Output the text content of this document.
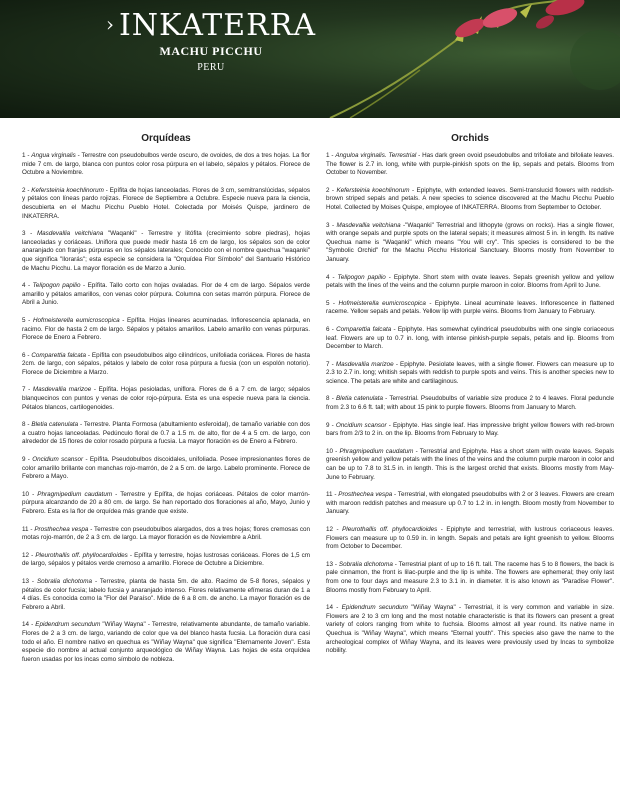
› INKATERRA
MACHU PICCHU
PERU
Orquídeas

1 - Angua virginalis - Terrestre con pseudobulbos verde oscuro, de ovoides, de dos a tres hojas. La flor mide 7 cm. de largo, blanca con puntos color rosa púrpura en el labelo, sépalos y pétalos. Florece de Octubre a Noviembre.

2 - Kefersteinia koechlinorum - Epífita de hojas lanceoladas. Flores de 3 cm, semitranslúcidas, sépalos y pétalos con líneas pardo rojizas. Florece de Septiembre a Octubre. Especie nueva para la ciencia, descubierta en el Machu Picchu Pueblo Hotel. Colectada por Moisés Quispe, jardinero de INKATERRA.

3 - Masdevallia veitchiana "Waqanki" - Terrestre y litófita (crecimiento sobre piedras), hojas lanceoladas y coriáceas. Uniflora que puede medir hasta 16 cm de largo, los sépalos son de color anaranjado con franjas púrpuras en los sépalos laterales; Conocido con el nombre quechua "waqanki" que significa "llorarás"; esta especie se considera la "Orquídea Flor Símbolo" del Santuario Histórico de Machu Picchu. La mayor floración es de Marzo a Junio.

4 - Telipogon papilio - Epífita. Tallo corto con hojas ovaladas. Flor de 4 cm de largo. Sépalos verde amarillo y pétalos amarillos, con venas color púrpura. Columna con setas marrón púrpura. Florece de Abril a Junio.

5 - Hofmeisterella eumicroscopica - Epífita. Hojas lineares acuminadas. Inflorescencia aplanada, en racimo. Flor de hasta 2 cm de largo. Sépalos y pétalos amarillos. Labelo amarillo con venas púrpuras. Florece de Enero a Febrero.

6 - Comparettia falcata - Epífita con pseudobulbos algo cilíndricos, unifoliada coriácea. Flores de hasta 2cm. de largo, con sépalos, pétalos y labelo de color rosa púrpura a fucsia (con un espolón notorio). Florece de Diciembre a Marzo.

7 - Masdevallia marizoe - Epífita. Hojas pesioladas, uniflora. Flores de 6 a 7 cm. de largo; sépalos blanquecinos con puntos y venas de color rojo-púrpura. Esta es una especie nueva para la ciencia. Pétalos blancos, cartilogenoides.

8 - Bletia catenulata - Terrestre. Planta Formosa (abultamiento esferoidal), de tamaño variable con dos a cuatro hojas lanceoladas. Pedúnculo floral de 0.7 a 1.5 m. de alto, flor de 4 a 5 cm. de largo, con alrededor de 15 flores de color rosado púrpura a fucsia. La mayor floración es de Enero a Febrero.

9 - Oncidium scansor - Epífita. Pseudobulbos discoidales, unifoliada. Posee impresionantes flores de color amarillo brillante con manchas rojo-marrón, de 2 a 5 cm. de largo. Labelo prominente. Florece de Febrero a Mayo.

10 - Phragmipedium caudatum - Terrestre y Epífita, de hojas coriáceas. Pétalos de color marrón-púrpura alcanzando de 20 a 80 cm. de largo. Se han reportado dos floraciones al año, Mayo, Junio y Febrero. Esta es la flor de orquídea más grande que existe.

11 - Prosthechea vespa - Terrestre con pseudobulbos alargados, dos a tres hojas; flores cremosas con motas rojo-marrón, de 2 a 3 cm. de largo. La mayor floración es de Noviembre a Abril.

12 - Pleurothallis off. phyllocardioides - Epífita y terrestre, hojas lustrosas coriáceas. Flores de 1,5 cm de largo, sépalos y pétalos verde cremoso a amarillo. Florece de Octubre a Diciembre.

13 - Sobralia dichotoma - Terrestre, planta de hasta 5m. de alto. Racimo de 5-8 flores, sépalos y pétalos de color fucsia; labelo fucsia y anaranjado intenso. Flores relativamente efímeras duran de 1 a 4 días. Es conocida como la "Flor del Paraíso". Mide de 6 a 8 cm. de ancho. La mayor floración es de Febrero a Abril.

14 - Epidendrum secundum "Wiñay Wayna" - Terrestre, relativamente abundante, de tamaño variable. Flores de 2 a 3 cm. de largo, variando de color que va del blanco hasta fucsia. La floración dura casi todo el año. El nombre nativo en quechua es "Wiñay Wayna" que significa "Eternamente Joven". Esta especie dio nombre al actual conjunto arqueológico de Wiñay Wayna. Las hojas de esta orquídea fueron usadas por los incas como símbolo de nobleza.

Orchids

1 - Anguloa virginalis. Terrestrial - Has dark green ovoid pseudobulbs and trifoliate and bifoliate leaves. The flower is 2.7 in. long, white with purple-pinkish spots on the lip, sepals and petals. Blooms from October to November.

2 - Kefersteinia koechlinorum - Epiphyte, with extended leaves. Semi-translucid flowers with reddish-brown striped sepals and petals. A new species to science discovered at the Machu Picchu Pueblo Hotel. Collected by Moises Quispe, employee of INKATERRA. Blooms from September to October.

3 - Masdevallia veitchiana -"Waqanki" Terrestrial and lithopyte (grows on rocks). Has a single flower, with orange sepals and purple spots on the lateral sepals; it measures almost 5 in. in length. Its native Quechua name is "Waqanki" which means "You will cry". This species is considered to be the "Symbolic Orchid" for the Machu Picchu Historical Sanctuary. Blooms mostly from November to January.

4 - Telipogon papilio - Epiphyte. Short stem with ovate leaves. Sepals greenish yellow and yellow petals with the lines of the veins and the column purple maroon in color. Blooms from April to June.

5 - Hofmeisterella eumicroscopica - Epiphyte. Lineal acuminate leaves. Inflorescence in flattened raceme. Yellow sepals and petals. Yellow lip with purple veins. Blooms from January to February.

6 - Comparettia falcata - Epiphyte. Has somewhat cylindrical pseudobulbs with one single coriaceous leaf. Flowers are up to 0.7 in. long, with intense pinkish-purple sepals, petals and lip. Blooms from December to March.

7 - Masdevallia marizoe - Epiphyte. Pesiolate leaves, with a single flower. Flowers can measure up to 2.3 to 2.7 in. long; whitish sepals with reddish to purple spots and veins. This is another species new to science. The petals are white and cartilaginous.

8 - Bletia catenulata - Terrestrial. Pseudobulbs of variable size produce 2 to 4 leaves. Floral peduncle from 2.3 to 6.6 ft. tall; with about 15 pink to purple flowers. Blooms from January to March.

9 - Oncidium scansor - Epiphyte. Has single leaf. Has impressive bright yellow flowers with red-brown bars from 2/3 to 2 in. on the lip. Blooms from February to May.

10 - Phragmipedium caudatum - Terrestrial and Epiphyte. Has a short stem with ovate leaves. Sepals greenish yellow and yellow petals with the lines of the veins and the column purple maroon in color and can be up to 7.8 to 31.5 in. in length. This is the largest orchid that exists. Blooms mostly from May-June to February.

11 - Prosthechea vespa - Terrestrial, with elongated pseudobulbs with 2 or 3 leaves. Flowers are cream with maroon reddish patches and measure up 0.7 to 1.2 in. in length. Bloom mostly from November to January.

12 - Pleurothallis off. phyllocardioides - Epiphyte and terrestrial, with lustrous coriaceous leaves. Flowers can measure up to 0.59 in. in length. Sepals and petals are light greenish to yellow. Blooms from October to December.

13 - Sobralia dichotoma - Terrestrial plant of up to 16 ft. tall. The raceme has 5 to 8 flowers, the back is pale cinnamon, the front is lilac-purple and the lip is white. The flowers are ephemeral; they only last from one to four days and measure 2.3 to 3.1 in. in diameter. It is also known as "Paradise Flower". Blooms mostly from February to April.

14 - Epidendrum secundum "Wiñay Wayna" - Terrestrial, it is very common and variable in size. Flowers are 2 to 3 cm long and the most notable characteristic is that its flowers can present a great variety of colors ranging from white to fuchsia. Blooms almost all year round. Its native name in Quechua is "Wiñay Wayna", which means "Eternal youth". This species also gave the name to the archeological complex of Wiñay Wayna, and its leaves were previously used by Incas to symbolize nobility.
